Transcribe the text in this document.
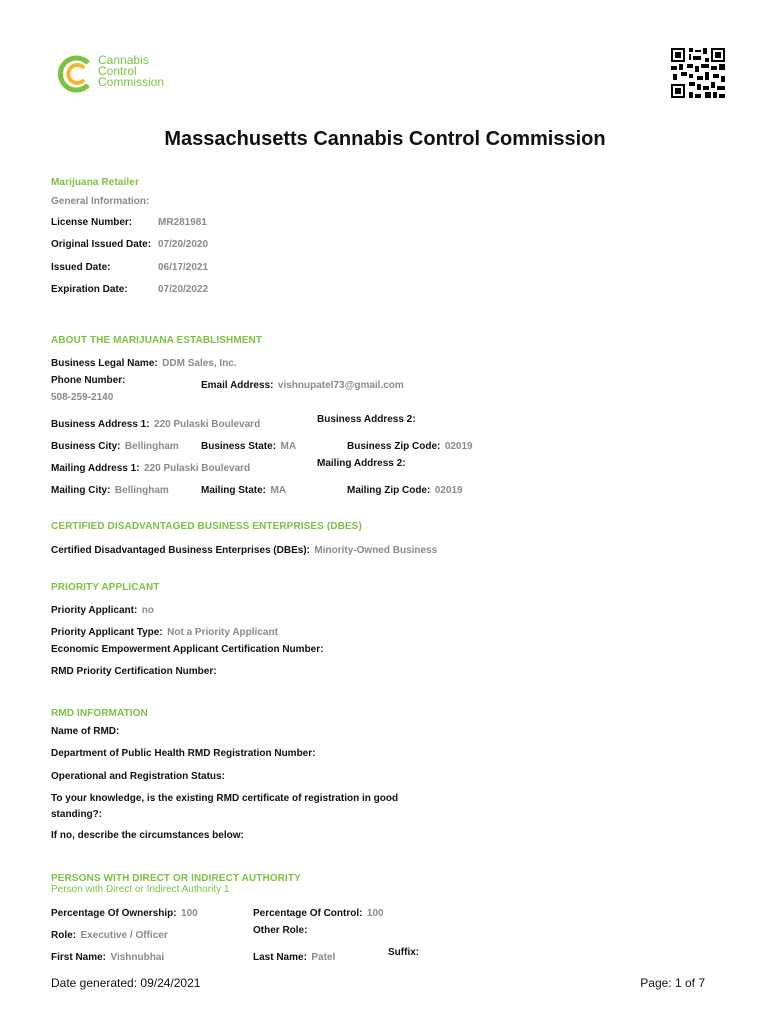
Cannabis
Control
Commission
Massachusetts Cannabis Control Commission
Marijuana Retailer
General Information:
License Number:	MR281981
Original Issued Date: 07/20/2020
Issued Date:	06/17/2021
Expiration Date:	07/20/2022
ABOUT THE MARIJUANA ESTABLISHMENT
Business Legal Name: DDM Sales, Inc.
Phone Number:	Email Address: vishnupatel73@gmail.com
508-259-2140
Business Address 1: 220 Pulaski Boulevard	Business Address 2:
Business City: Bellingham Business State: MA	Business Zip Code: 02019
Mailing Address 1: 220 Pulaski Boulevard	Mailing Address 2:
Mailing City: Bellingham	Mailing State: MA	Mailing Zip Code: 02019
CERTIFIED DISADVANTAGED BUSINESS ENTERPRISES (DBES)
Certified Disadvantaged Business Enterprises (DBEs): Minority-Owned Business
PRIORITY APPLICANT
Priority Applicant: no
Priority Applicant Type: Not a Priority Applicant
Economic Empowerment Applicant Certification Number:
RMD Priority Certification Number:
RMD INFORMATION
Name of RMD:
Department of Public Health RMD Registration Number:
Operational and Registration Status:
To your knowledge, is the existing RMD certificate of registration in good
standing?:
If no, describe the circumstances below:
PERSONS WITH DIRECT OR INDIRECT AUTHORITY
Person with Direct or Indirect Authority 1
Percentage Of Ownership: 100	Percentage Of Control: 100
Role: Executive / Officer	Other Role:
First Name: Vishnubhai	Last Name: Patel	Suffix:
Date generated: 09/24/2021	Page: 1 of 7
